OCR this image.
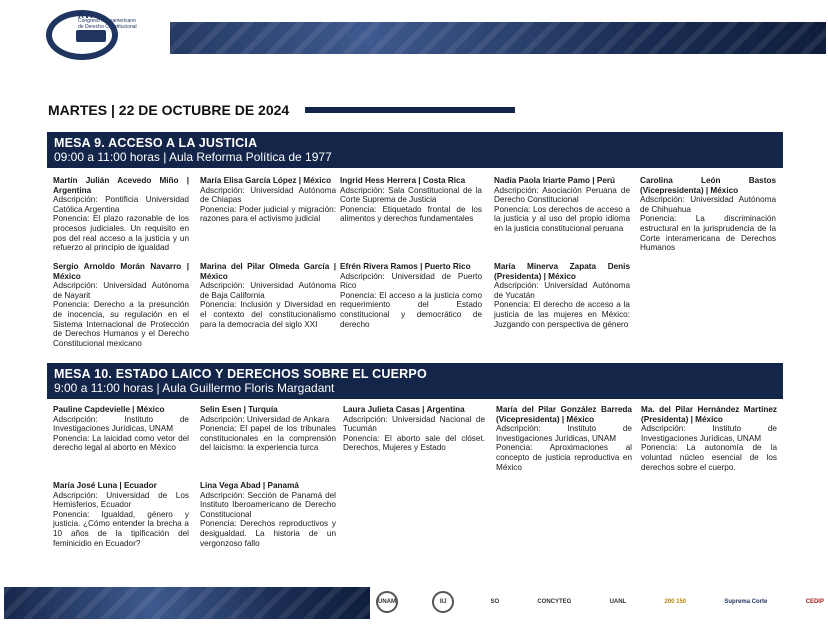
XVI
Congreso Iberoamericano
de Derecho Constitucional
MARTES | 22 DE OCTUBRE DE 2024
MESA 9. ACCESO A LA JUSTICIA
09:00 a 11:00 horas | Aula Reforma Política de 1977
Martín Julián Acevedo Miño | Argentina
Adscripción: Pontificia Universidad Católica Argentina
Ponencia: El plazo razonable de los procesos judiciales. Un requisito en pos del real acceso a la justicia y un refuerzo al principio de igualdad
María Elisa García López | México
Adscripción: Universidad Autónoma de Chiapas
Ponencia: Poder judicial y migración: razones para el activismo judicial
Ingrid Hess Herrera | Costa Rica
Adscripción: Sala Constitucional de la Corte Suprema de Justicia
Ponencia: Etiquetado frontal de los alimentos y derechos fundamentales
Nadia Paola Iriarte Pamo | Perú
Adscripción: Asociación Peruana de Derecho Constitucional
Ponencia: Los derechos de acceso a la justicia y al uso del propio idioma en la justicia constitucional peruana
Carolina León Bastos (Vicepresidenta) | México
Adscripción: Universidad Autónoma de Chihuahua
Ponencia: La discriminación estructural en la jurisprudencia de la Corte interamericana de Derechos Humanos
Sergio Arnoldo Morán Navarro | México
Adscripción: Universidad Autónoma de Nayarit
Ponencia: Derecho a la presunción de inocencia, su regulación en el Sistema Internacional de Protección de Derechos Humanos y el Derecho Constitucional mexicano
Marina del Pilar Olmeda García | México
Adscripción: Universidad Autónoma de Baja California
Ponencia: Inclusión y Diversidad en el contexto del constitucionalismo para la democracia del siglo XXI
Efrén Rivera Ramos | Puerto Rico
Adscripción: Universidad de Puerto Rico
Ponencia: El acceso a la justicia como requerimiento del Estado constitucional y democrático de derecho
María Minerva Zapata Denis (Presidenta) | México
Adscripción: Universidad Autónoma de Yucatán
Ponencia: El derecho de acceso a la justicia de las mujeres en México: Juzgando con perspectiva de género
MESA 10. ESTADO LAICO Y DERECHOS SOBRE EL CUERPO
9:00 a 11:00 horas | Aula Guillermo Floris Margadant
Pauline Capdevielle | México
Adscripción: Instituto de Investigaciones Jurídicas, UNAM
Ponencia: La laicidad como vetor del derecho legal al aborto en México
Selin Esen | Turquía
Adscripción: Universidad de Ankara
Ponencia: El papel de los tribunales constitucionales en la comprensión del laicismo: la experiencia turca
Laura Julieta Casas | Argentina
Adscripción: Universidad Nacional de Tucumán
Ponencia: El aborto sale del clóset. Derechos, Mujeres y Estado
María del Pilar González Barreda (Vicepresidenta) | México
Adscripción: Instituto de Investigaciones Jurídicas, UNAM
Ponencia: Aproximaciones al concepto de justicia reproductiva en México
Ma. del Pilar Hernández Martínez (Presidenta) | México
Adscripción: Instituto de Investigaciones Jurídicas, UNAM
Ponencia: La autonomía de la voluntad núcleo esencial de los derechos sobre el cuerpo.
María José Luna | Ecuador
Adscripción: Universidad de Los Hemisferios, Ecuador
Ponencia: Igualdad, género y justicia. ¿Cómo entender la brecha a 10 años de la tipificación del feminicidio en Ecuador?
Lina Vega Abad | Panamá
Adscripción: Sección de Panamá del Instituto Iberoamericano de Derecho Constitucional
Ponencia: Derechos reproductivos y desigualdad. La historia de un vergonzoso fallo
UNAM	IIJ	SO	CONCYTEG	UANL	200 150	Suprema Corte	CEDIP
